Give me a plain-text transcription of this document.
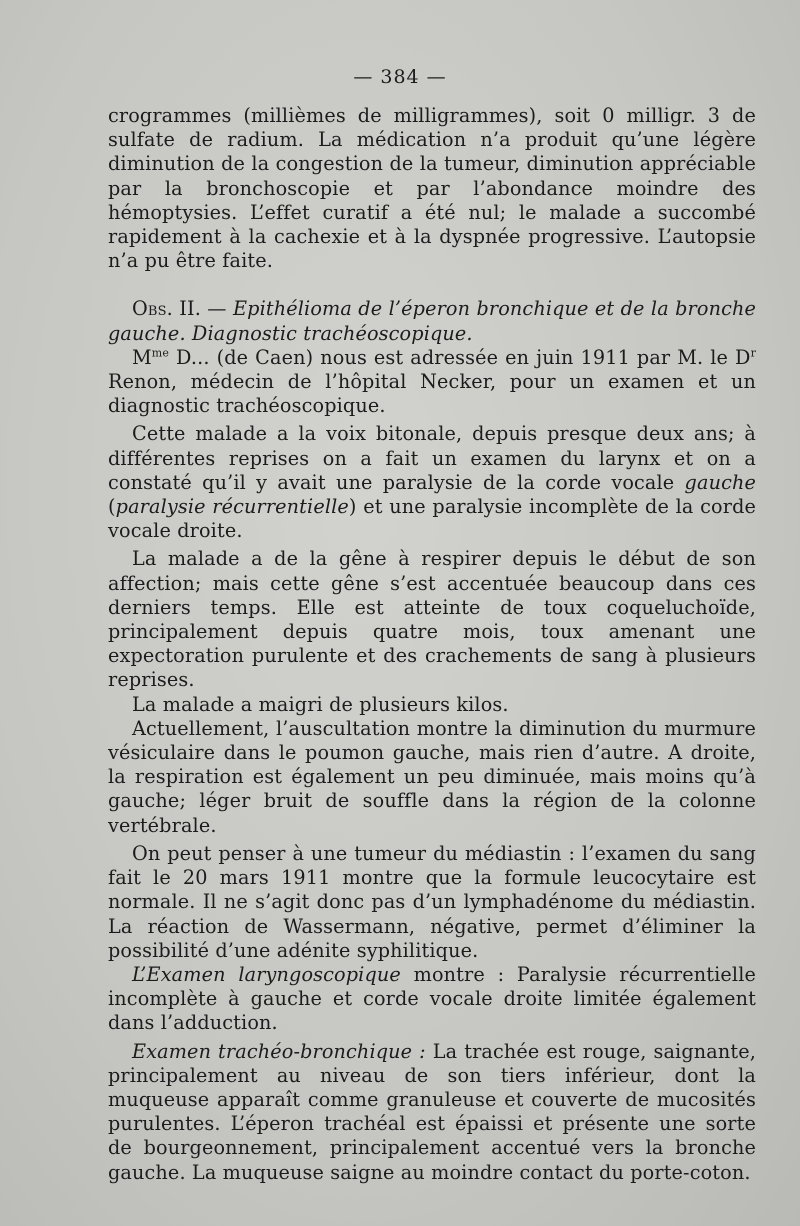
— 384 —

crogrammes (millièmes de milligrammes), soit 0 milligr. 3 de sulfate de radium. La médication n’a produit qu’une légère diminution de la congestion de la tumeur, diminution appréciable par la bronchoscopie et par l’abondance moindre des hémoptysies. L’effet curatif a été nul; le malade a succombé rapidement à la cachexie et à la dyspnée progressive. L’autopsie n’a pu être faite.

Obs. II. — Epithélioma de l’éperon bronchique et de la bronche gauche. Diagnostic trachéoscopique.

$M^{me}$ D... (de Caen) nous est adressée en juin 1911 par M. le $D^r$ Renon, médecin de l’hôpital Necker, pour un examen et un diagnostic trachéoscopique.

Cette malade a la voix bitonale, depuis presque deux ans; à différentes reprises on a fait un examen du larynx et on a constaté qu’il y avait une paralysie de la corde vocale gauche (paralysie récurrentielle) et une paralysie incomplète de la corde vocale droite.

La malade a de la gêne à respirer depuis le début de son affection; mais cette gêne s’est accentuée beaucoup dans ces derniers temps. Elle est atteinte de toux coqueluchoïde, principalement depuis quatre mois, toux amenant une expectoration purulente et des crachements de sang à plusieurs reprises.

La malade a maigri de plusieurs kilos.

Actuellement, l’auscultation montre la diminution du murmure vésiculaire dans le poumon gauche, mais rien d’autre. A droite, la respiration est également un peu diminuée, mais moins qu’à gauche; léger bruit de souffle dans la région de la colonne vertébrale.

On peut penser à une tumeur du médiastin : l’examen du sang fait le 20 mars 1911 montre que la formule leucocytaire est normale. Il ne s’agit donc pas d’un lymphadénome du médiastin. La réaction de Wassermann, négative, permet d’éliminer la possibilité d’une adénite syphilitique.

L’Examen laryngoscopique montre : Paralysie récurrentielle incomplète à gauche et corde vocale droite limitée également dans l’adduction.

Examen trachéo-bronchique : La trachée est rouge, saignante, principalement au niveau de son tiers inférieur, dont la muqueuse apparaît comme granuleuse et couverte de mucosités purulentes. L’éperon trachéal est épaissi et présente une sorte de bourgeonnement, principalement accentué vers la bronche gauche. La muqueuse saigne au moindre contact du porte-coton.
